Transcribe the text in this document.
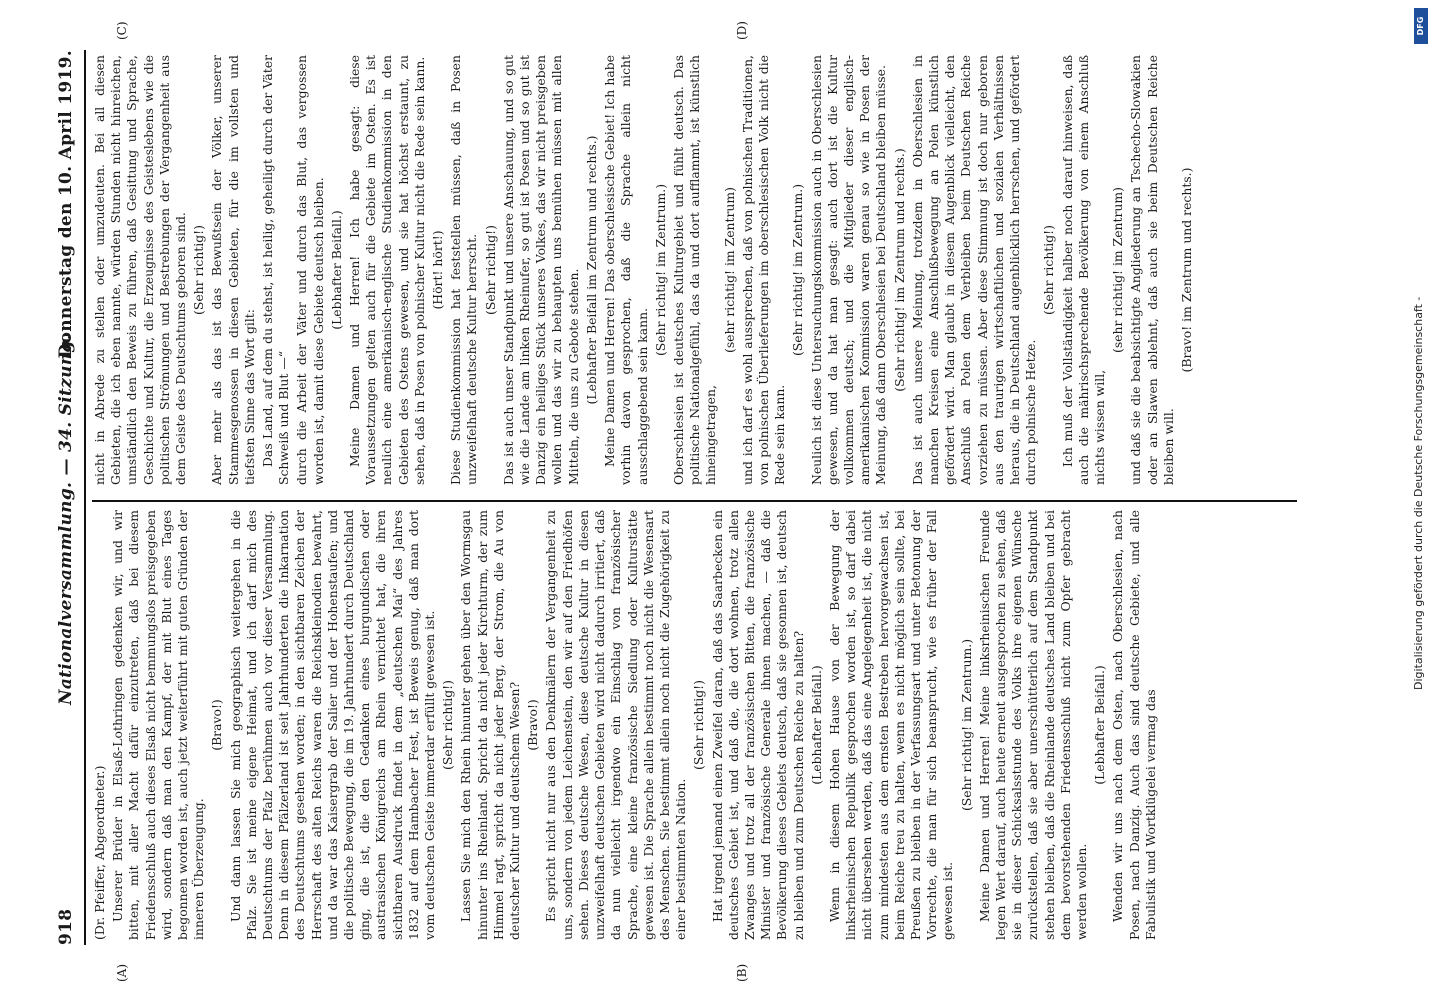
918
Nationalversammlung. — 34. Sitzung.
Donnerstag den 10. April 1919.
(A)	(B)
(C)	(D)

(Dr. Pfeiffer, Abgeordneter.) Unserer Brüder in Elsaß-Lothringen gedenken wir, und wir bitten, mit aller Macht dafür einzutreten, daß bei diesem Friedensschluß auch dieses Elsaß nicht bemmungslos preisgegeben wird, sondern daß man den Kampf, der mit Blut eines Tages begonnen worden ist, auch jetzt weiterführt mit guten Gründen der inneren Überzeugung.

(Bravo!) Und dann lassen Sie mich geographisch weitergehen in die Pfalz. Sie ist meine eigene Heimat, und ich darf mich des Deutschtums der Pfalz berühmen auch vor dieser Versammlung. Denn in diesem Pfälzerland ist seit Jahrhunderten die Inkarnation des Deutschtums gesehen worden; in den sichtbaren Zeichen der Herrschaft des alten Reichs waren die Reichskleinodien bewahrt, und da war das Kaisergrab der Salier und der Hohenstaufen; und die politische Bewegung, die im 19. Jahrhundert durch Deutschland ging, die ist, die den Gedanken eines burgundischen oder austrasischen Königreichs am Rhein vernichtet hat, die ihren sichtbaren Ausdruck findet in dem „deutschen Mai“ des Jahres 1832 auf dem Hambacher Fest, ist Beweis genug, daß man dort vom deutschen Geiste immerdar erfüllt gewesen ist. (Sehr richtig!) Lassen Sie mich den Rhein hinunter gehen über den Wormsgau hinunter ins Rheinland. Spricht da nicht jeder Kirchturm, der zum Himmel ragt, spricht da nicht jeder Berg, der Strom, die Au von deutscher Kultur und deutschem Wesen? (Bravo!) Es spricht nicht nur aus den Denkmälern der Vergangenheit zu uns, sondern von jedem Leichenstein, den wir auf den Friedhöfen sehen. Dieses deutsche Wesen, diese deutsche Kultur in diesen unzweifelhaft deutschen Gebieten wird nicht dadurch irritiert, daß da nun vielleicht irgendwo ein Einschlag von französischer Sprache, eine kleine französische Siedlung oder Kulturstätte gewesen ist. Die Sprache allein bestimmt noch nicht die Wesensart des Menschen. Sie bestimmt allein noch nicht die Zugehörigkeit zu einer bestimmten Nation.

(Sehr richtig!) Hat irgend jemand einen Zweifel daran, daß das Saarbecken ein deutsches Gebiet ist, und daß die, die dort wohnen, trotz allen Zwanges und trotz all der französischen Bitten, die französische Minister und französische Generale ihnen machen, — daß die Bevölkerung dieses Gebiets deutsch, daß sie gesonnen ist, deutsch zu bleiben und zum Deutschen Reiche zu halten? (Lebhafter Beifall.) Wenn in diesem Hohen Hause von der Bewegung der linksrheinischen Republik gesprochen worden ist, so darf dabei nicht übersehen werden, daß das eine Angelegenheit ist, die nicht zum mindesten aus dem ernsten Bestreben hervorgewachsen ist, beim Reiche treu zu halten, wenn es nicht möglich sein sollte, bei Preußen zu bleiben in der Verfassungsart und unter Betonung der Vorrechte, die man für sich beansprucht, wie es früher der Fall gewesen ist.

(Sehr richtig! im Zentrum.) Meine Damen und Herren! Meine linksrheinischen Freunde legen Wert darauf, auch heute erneut ausgesprochen zu sehen, daß sie in dieser Schicksalsstunde des Volks ihre eigenen Wünsche zurückstellen, daß sie aber unerschütterlich auf dem Standpunkt stehen bleiben, daß die Rheinlande deutsches Land bleiben und bei dem bevorstehenden Friedensschluß nicht zum Opfer gebracht werden wollen.

(Lebhafter Beifall.) Wenden wir uns nach dem Osten, nach Oberschlesien, nach Posen, nach Danzig. Auch das sind deutsche Gebiete, und alle Fabulistik und Wortklügelei vermag das

nicht in Abrede zu stellen oder umzudeuten. Bei all diesen Gebieten, die ich eben nannte, würden Stunden nicht hinreichen, umständlich den Beweis zu führen, daß Gesittung und Sprache, Geschichte und Kultur, die Erzeugnisse des Geisteslebens wie die politischen Strömungen und Bestrebungen der Vergangenheit aus dem Geiste des Deutschtums geboren sind. (Sehr richtig!) Aber mehr als das ist das Bewußtsein der Völker, unserer Stammesgenossen in diesen Gebieten, für die im vollsten und tiefsten Sinne das Wort gilt: Das Land, auf dem du stehst, ist heilig, geheiligt durch der Väter Schweiß und Blut —“ durch die Arbeit der Väter und durch das Blut, das vergossen worden ist, damit diese Gebiete deutsch bleiben. (Lebhafter Beifall.) Meine Damen und Herren! Ich habe gesagt: diese Voraussetzungen gelten auch für die Gebiete im Osten. Es ist neulich eine amerikanisch-englische Studienkommission in den Gebieten des Ostens gewesen, und sie hat höchst erstaunt, zu sehen, daß in Posen von polnischer Kultur nicht die Rede sein kann. (Hört! hört!) Diese Studienkommission hat feststellen müssen, daß in Posen unzweifelhaft deutsche Kultur herrscht. (Sehr richtig!) Das ist auch unser Standpunkt und unsere Anschauung, und so gut wie die Lande am linken Rheinufer, so gut ist Posen und so gut ist Danzig ein heiliges Stück unseres Volkes, das wir nicht preisgeben wollen und das wir zu behaupten uns bemühen müssen mit allen Mitteln, die uns zu Gebote stehen. (Lebhafter Beifall im Zentrum und rechts.) Meine Damen und Herren! Das oberschlesische Gebiet! Ich habe vorhin davon gesprochen, daß die Sprache allein nicht ausschlaggebend sein kann.

(Sehr richtig! im Zentrum.) Oberschlesien ist deutsches Kulturgebiet und fühlt deutsch. Das politische Nationalgefühl, das da und dort aufflammt, ist künstlich hineingetragen,

(sehr richtig! im Zentrum) und ich darf es wohl aussprechen, daß von polnischen Traditionen, von polnischen Überlieferungen im oberschlesischen Volk nicht die Rede sein kann.

(Sehr richtig! im Zentrum.) Neulich ist diese Untersuchungskommission auch in Oberschlesien gewesen, und da hat man gesagt: auch dort ist die Kultur vollkommen deutsch; und die Mitglieder dieser englisch-amerikanischen Kommission waren genau so wie in Posen der Meinung, daß dann Oberschlesien bei Deutschland bleiben müsse. (Sehr richtig! im Zentrum und rechts.) Das ist auch unsere Meinung, trotzdem in Oberschlesien in manchen Kreisen eine Anschlußbewegung an Polen künstlich gefördert wird. Man glaubt in diesem Augenblick vielleicht, den Anschluß an Polen dem Verbleiben beim Deutschen Reiche vorziehen zu müssen. Aber diese Stimmung ist doch nur geboren aus den traurigen wirtschaftlichen und sozialen Verhältnissen heraus, die in Deutschland augenblicklich herrschen, und gefördert durch polnische Hetze.

(Sehr richtig!) Ich muß der Vollständigkeit halber noch darauf hinweisen, daß auch die mährischsprechende Bevölkerung von einem Anschluß nichts wissen will,

(sehr richtig! im Zentrum) und daß sie die beabsichtigte Angliederung an Tschecho-Slowakien oder an Slawen ablehnt, daß auch sie beim Deutschen Reiche bleiben will.

(Bravo! im Zentrum und rechts.)

Digitalisierung gefördert durch die Deutsche Forschungsgemeinschaft -
DFG
